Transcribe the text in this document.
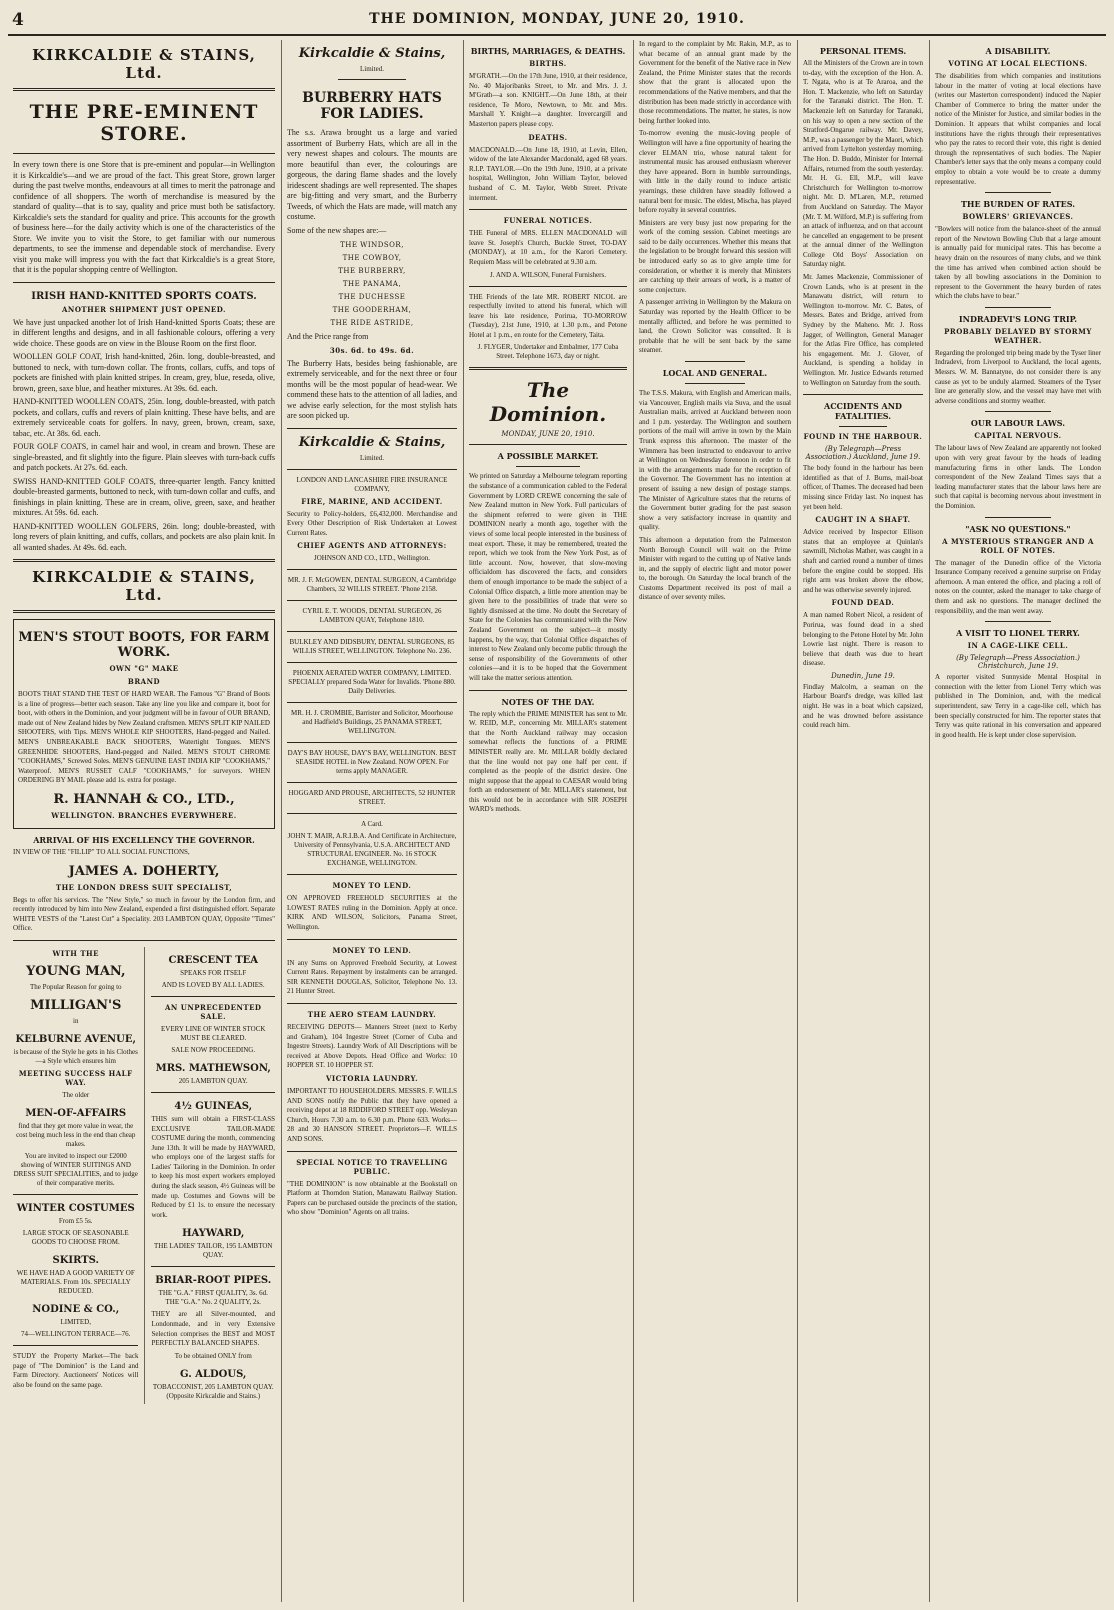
4	THE DOMINION, MONDAY, JUNE 20, 1910.
KIRKCALDIE & STAINS, Ltd.
THE PRE-EMINENT STORE.

In every town there is one Store that is pre-eminent and popular—in Wellington it is Kirkcaldie's—and we are proud of the fact. This great Store, grown larger during the past twelve months, endeavours at all times to merit the patronage and confidence of all shoppers. The worth of merchandise is measured by the standard of quality—that is to say, quality and price must both be satisfactory. Kirkcaldie's sets the standard for quality and price. This accounts for the growth of business here—for the daily activity which is one of the characteristics of the Store. We invite you to visit the Store, to get familiar with our numerous departments, to see the immense and dependable stock of merchandise. Every visit you make will impress you with the fact that Kirkcaldie's is a great Store, that it is the popular shopping centre of Wellington.

IRISH HAND-KNITTED SPORTS COATS.
ANOTHER SHIPMENT JUST OPENED.

We have just unpacked another lot of Irish Hand-knitted Sports Coats; these are in different lengths and designs, and in all fashionable colours, offering a very wide choice. These goods are on view in the Blouse Room on the first floor.

WOOLLEN GOLF COAT, Irish hand-knitted, 26in. long, double-breasted, and buttoned to neck, with turn-down collar. The fronts, collars, cuffs, and tops of pockets are finished with plain knitted stripes. In cream, grey, blue, reseda, olive, brown, green, saxe blue, and heather mixtures. At 39s. 6d. each.

HAND-KNITTED WOOLLEN COATS, 25in. long, double-breasted, with patch pockets, and collars, cuffs and revers of plain knitting. These have belts, and are extremely serviceable coats for golfers. In navy, green, brown, cream, saxe, tabac, etc. At 38s. 6d. each.

FOUR GOLF COATS, in camel hair and wool, in cream and brown. These are single-breasted, and fit slightly into the figure. Plain sleeves with turn-back cuffs and patch pockets. At 27s. 6d. each.

SWISS HAND-KNITTED GOLF COATS, three-quarter length. Fancy knitted double-breasted garments, buttoned to neck, with turn-down collar and cuffs, and finishings in plain knitting. These are in cream, olive, green, saxe, and heather mixtures. At 59s. 6d. each.

HAND-KNITTED WOOLLEN GOLFERS, 26in. long; double-breasted, with long revers of plain knitting, and cuffs, collars, and pockets are also plain knit. In all wanted shades. At 49s. 6d. each.

KIRKCALDIE & STAINS, Ltd.
MEN'S STOUT BOOTS, FOR FARM WORK.
OWN "G" MAKE
BRAND

BOOTS THAT STAND THE TEST OF HARD WEAR. The Famous "G" Brand of Boots is a line of progress—better each season. Take any line you like and compare it, boot for boot, with others in the Dominion, and your judgment will be in favour of OUR BRAND, made out of New Zealand hides by New Zealand craftsmen. MEN'S SPLIT KIP NAILED SHOOTERS, with Tips. MEN'S WHOLE KIP SHOOTERS, Hand-pegged and Nailed. MEN'S UNBREAKABLE BACK SHOOTERS, Watertight Tongues. MEN'S GREENHIDE SHOOTERS, Hand-pegged and Nailed. MEN'S STOUT CHROME "COOKHAMS," Screwed Soles. MEN'S GENUINE EAST INDIA KIP "COOKHAMS," Waterproof. MEN'S RUSSET CALF "COOKHAMS," for surveyors. WHEN ORDERING BY MAIL please add 1s. extra for postage.

R. HANNAH & CO., LTD.,
WELLINGTON. BRANCHES EVERYWHERE.
ARRIVAL OF HIS EXCELLENCY THE GOVERNOR.

IN VIEW OF THE "FILLIP" TO ALL SOCIAL FUNCTIONS,

JAMES A. DOHERTY,
THE LONDON DRESS SUIT SPECIALIST,

Begs to offer his services. The "New Style," so much in favour by the London firm, and recently introduced by him into New Zealand, expended a first distinguished effort. Separate WHITE VESTS of the "Latest Cut" a Speciality. 203 LAMBTON QUAY, Opposite "Times" Office.

WITH THE
YOUNG MAN,
The Popular Reason for going to
MILLIGAN'S
in
KELBURNE AVENUE,
is because of the Style he gets in his Clothes—a Style which ensures him
MEETING SUCCESS HALF WAY.
The older
MEN-OF-AFFAIRS
find that they get more value in wear, the cost being much less in the end than cheap makes.
You are invited to inspect our £2000 showing of WINTER SUITINGS AND DRESS SUIT SPECIALITIES, and to judge of their comparative merits.
WINTER COSTUMES
From £5 5s.
LARGE STOCK OF SEASONABLE GOODS TO CHOOSE FROM.
SKIRTS.
WE HAVE HAD A GOOD VARIETY OF MATERIALS. From 10s. SPECIALLY REDUCED.
NODINE & CO.,
LIMITED,
74—WELLINGTON TERRACE—76.

STUDY the Property Market—The back page of "The Dominion" is the Land and Farm Directory. Auctioneers' Notices will also be found on the same page.

CRESCENT TEA
SPEAKS FOR ITSELF
AND IS LOVED BY ALL LADIES.
AN UNPRECEDENTED SALE.
EVERY LINE OF WINTER STOCK MUST BE CLEARED.
SALE NOW PROCEEDING.
MRS. MATHEWSON,
205 LAMBTON QUAY.
4½ GUINEAS,

THIS sum will obtain a FIRST-CLASS EXCLUSIVE TAILOR-MADE COSTUME during the month, commencing June 13th. It will be made by HAYWARD, who employs one of the largest staffs for Ladies' Tailoring in the Dominion. In order to keep his most expert workers employed during the slack season, 4½ Guineas will be made up. Costumes and Gowns will be Reduced by £1 1s. to ensure the necessary work.

HAYWARD,
THE LADIES' TAILOR, 195 LAMBTON QUAY.
BRIAR-ROOT PIPES.
THE "G.A." FIRST QUALITY, 3s. 6d. THE "G.A." No. 2 QUALITY, 2s.

THEY are all Silver-mounted, and Londonmade, and in very Extensive Selection comprises the BEST and MOST PERFECTLY BALANCED SHAPES.

To be obtained ONLY from
G. ALDOUS,
TOBACCONIST, 205 LAMBTON QUAY. (Opposite Kirkcaldie and Stains.)
Kirkcaldie & Stains,
Limited.
BURBERRY HATS FOR LADIES.

The s.s. Arawa brought us a large and varied assortment of Burberry Hats, which are all in the very newest shapes and colours. The mounts are more beautiful than ever, the colourings are gorgeous, the daring flame shades and the lovely iridescent shadings are well represented. The shapes are big-fitting and very smart, and the Burberry Tweeds, of which the Hats are made, will match any costume.

Some of the new shapes are:—

THE WINDSOR,
THE COWBOY,
THE BURBERRY,
THE PANAMA,
THE DUCHESSE
THE GOODERHAM,
THE RIDE ASTRIDE,

And the Price range from

30s. 6d. to 49s. 6d.

The Burberry Hats, besides being fashionable, are extremely serviceable, and for the next three or four months will be the most popular of head-wear. We commend these hats to the attention of all ladies, and we advise early selection, for the most stylish hats are soon picked up.

Kirkcaldie & Stains,
Limited.
LONDON AND LANCASHIRE FIRE INSURANCE COMPANY,
FIRE, MARINE, AND ACCIDENT.

Security to Policy-holders, £6,432,000. Merchandise and Every Other Description of Risk Undertaken at Lowest Current Rates.

CHIEF AGENTS AND ATTORNEYS:
JOHNSON AND CO., LTD., Wellington.
MR. J. F. McGOWEN, DENTAL SURGEON, 4 Cambridge Chambers, 32 WILLIS STREET. 'Phone 2158.
CYRIL E. T. WOODS, DENTAL SURGEON, 26 LAMBTON QUAY, Telephone 1810.
BULKLEY AND DIDSBURY, DENTAL SURGEONS, 85 WILLIS STREET, WELLINGTON. Telephone No. 236.
PHOENIX AERATED WATER COMPANY, LIMITED. SPECIALLY prepared Soda Water for Invalids. 'Phone 880. Daily Deliveries.
MR. H. J. CROMBIE, Barrister and Solicitor, Moorhouse and Hadfield's Buildings, 25 PANAMA STREET, WELLINGTON.
DAY'S BAY HOUSE, DAY'S BAY, WELLINGTON. BEST SEASIDE HOTEL in New Zealand. NOW OPEN. For terms apply MANAGER.
HOGGARD AND PROUSE, ARCHITECTS, 52 HUNTER STREET.
A Card.
JOHN T. MAIR, A.R.I.B.A. And Certificate in Architecture, University of Pennsylvania, U.S.A. ARCHITECT AND STRUCTURAL ENGINEER. No. 16 STOCK EXCHANGE, WELLINGTON.
MONEY TO LEND.

ON APPROVED FREEHOLD SECURITIES at the LOWEST RATES ruling in the Dominion. Apply at once. KIRK AND WILSON, Solicitors, Panama Street, Wellington.

MONEY TO LEND.

IN any Sums on Approved Freehold Security, at Lowest Current Rates. Repayment by instalments can be arranged. SIR KENNETH DOUGLAS, Solicitor, Telephone No. 13. 21 Hunter Street.

THE AERO STEAM LAUNDRY.

RECEIVING DEPOTS— Manners Street (next to Kerby and Graham), 104 Ingestre Street (Corner of Cuba and Ingestre Streets). Laundry Work of All Descriptions will be received at Above Depots. Head Office and Works: 10 HOPPER ST. 10 HOPPER ST.

VICTORIA LAUNDRY.

IMPORTANT TO HOUSEHOLDERS. MESSRS. F. WILLS AND SONS notify the Public that they have opened a receiving depot at 18 RIDDIFORD STREET opp. Wesleyan Church, Hours 7.30 a.m. to 6.30 p.m. Phone 633. Works—28 and 30 HANSON STREET. Proprietors—F. WILLS AND SONS.

SPECIAL NOTICE TO TRAVELLING PUBLIC.

"THE DOMINION" is now obtainable at the Bookstall on Platform at Thorndon Station, Manawatu Railway Station. Papers can be purchased outside the precincts of the station, who show "Dominion" Agents on all trains.

BIRTHS, MARRIAGES, & DEATHS.
BIRTHS.

M'GRATH.—On the 17th June, 1910, at their residence, No. 40 Majoribanks Street, to Mr. and Mrs. J. J. M'Grath—a son. KNIGHT.—On June 18th, at their residence, Te Moro, Newtown, to Mr. and Mrs. Marshall Y. Knight—a daughter. Invercargill and Masterton papers please copy.

DEATHS.

MACDONALD.—On June 18, 1910, at Levin, Ellen, widow of the late Alexander Macdonald, aged 68 years. R.I.P. TAYLOR.—On the 19th June, 1910, at a private hospital, Wellington, John William Taylor, beloved husband of C. M. Taylor, Webb Street. Private interment.

FUNERAL NOTICES.

THE Funeral of MRS. ELLEN MACDONALD will leave St. Joseph's Church, Buckle Street, TO-DAY (MONDAY), at 10 a.m., for the Karori Cemetery. Requiem Mass will be celebrated at 9.30 a.m.

J. AND A. WILSON, Funeral Furnishers.

THE Friends of the late MR. ROBERT NICOL are respectfully invited to attend his funeral, which will leave his late residence, Porirua, TO-MORROW (Tuesday), 21st June, 1910, at 1.30 p.m., and Petone Hotel at 1 p.m., en route for the Cemetery, Taita.

J. FLYGER, Undertaker and Embalmer, 177 Cuba Street. Telephone 1673, day or night.
The Dominion.
MONDAY, JUNE 20, 1910.
A POSSIBLE MARKET.

We printed on Saturday a Melbourne telegram reporting the substance of a communication cabled to the Federal Government by LORD CREWE concerning the sale of New Zealand mutton in New York. Full particulars of the shipment referred to were given in THE DOMINION nearly a month ago, together with the views of some local people interested in the business of meat export. These, it may be remembered, treated the report, which we took from the New York Post, as of little account. Now, however, that slow-moving officialdom has discovered the facts, and considers them of enough importance to be made the subject of a Colonial Office dispatch, a little more attention may be given here to the possibilities of trade that were so lightly dismissed at the time. No doubt the Secretary of State for the Colonies has communicated with the New Zealand Government on the subject—it mostly happens, by the way, that Colonial Office dispatches of interest to New Zealand only become public through the sense of responsibility of the Governments of other colonies—and it is to be hoped that the Government will take the matter serious attention.

NOTES OF THE DAY.

The reply which the PRIME MINISTER has sent to Mr. W. REID, M.P., concerning Mr. MILLAR's statement that the North Auckland railway may occasion somewhat reflects the functions of a PRIME MINISTER really are. Mr. MILLAR boldly declared that the line would not pay one half per cent. if completed as the people of the district desire. One might suppose that the appeal to CAESAR would bring forth an endorsement of Mr. MILLAR's statement, but this would not be in accordance with SIR JOSEPH WARD's methods.

In regard to the complaint by Mr. Rakin, M.P., as to what became of an annual grant made by the Government for the benefit of the Native race in New Zealand, the Prime Minister states that the records show that the grant is allocated upon the recommendations of the Native members, and that the distribution has been made strictly in accordance with those recommendations. The matter, he states, is now being further looked into.

To-morrow evening the music-loving people of Wellington will have a fine opportunity of hearing the clever ELMAN trio, whose natural talent for instrumental music has aroused enthusiasm wherever they have appeared. Born in humble surroundings, with little in the daily round to induce artistic yearnings, these children have steadily followed a natural bent for music. The eldest, Mischa, has played before royalty in several countries.

Ministers are very busy just now preparing for the work of the coming session. Cabinet meetings are said to be daily occurrences. Whether this means that the legislation to be brought forward this session will be introduced early so as to give ample time for consideration, or whether it is merely that Ministers are catching up their arrears of work, is a matter of some conjecture.

A passenger arriving in Wellington by the Makura on Saturday was reported by the Health Officer to be mentally afflicted, and before he was permitted to land, the Crown Solicitor was consulted. It is probable that he will be sent back by the same steamer.

LOCAL AND GENERAL.

The T.S.S. Makura, with English and American mails, via Vancouver, English mails via Suva, and the usual Australian mails, arrived at Auckland between noon and 1 p.m. yesterday. The Wellington and southern portions of the mail will arrive in town by the Main Trunk express this afternoon. The master of the Wimmera has been instructed to endeavour to arrive at Wellington on Wednesday forenoon in order to fit in with the arrangements made for the reception of the Governor. The Government has no intention at present of issuing a new design of postage stamps. The Minister of Agriculture states that the returns of the Government butter grading for the past season show a very satisfactory increase in quantity and quality.

This afternoon a deputation from the Palmerston North Borough Council will wait on the Prime Minister with regard to the cutting up of Native lands in, and the supply of electric light and motor power to, the borough. On Saturday the local branch of the Customs Department received its post of mail a distance of over seventy miles.

PERSONAL ITEMS.

All the Ministers of the Crown are in town to-day, with the exception of the Hon. A. T. Ngata, who is at Te Araroa, and the Hon. T. Mackenzie, who left on Saturday for the Taranaki district. The Hon. T. Mackenzie left on Saturday for Taranaki, on his way to open a new section of the Stratford-Ongarue railway. Mr. Davey, M.P., was a passenger by the Maori, which arrived from Lyttelton yesterday morning. The Hon. D. Buddo, Minister for Internal Affairs, returned from the south yesterday. Mr. H. G. Ell, M.P., will leave Christchurch for Wellington to-morrow night. Mr. D. M'Laren, M.P., returned from Auckland on Saturday. The Mayor (Mr. T. M. Wilford, M.P.) is suffering from an attack of influenza, and on that account he cancelled an engagement to be present at the annual dinner of the Wellington College Old Boys' Association on Saturday night.

Mr. James Mackenzie, Commissioner of Crown Lands, who is at present in the Manawatu district, will return to Wellington to-morrow. Mr. C. Bates, of Messrs. Bates and Bridge, arrived from Sydney by the Maheno. Mr. J. Ross Jagger, of Wellington, General Manager for the Atlas Fire Office, has completed his engagement. Mr. J. Glover, of Auckland, is spending a holiday in Wellington. Mr. Justice Edwards returned to Wellington on Saturday from the south.

ACCIDENTS AND FATALITIES.
FOUND IN THE HARBOUR.
(By Telegraph—Press Association.) Auckland, June 19.

The body found in the harbour has been identified as that of J. Burns, mail-boat officer, of Thames. The deceased had been missing since Friday last. No inquest has yet been held.

CAUGHT IN A SHAFT.

Advice received by Inspector Ellison states that an employee at Quinlan's sawmill, Nicholas Mather, was caught in a shaft and carried round a number of times before the engine could be stopped. His right arm was broken above the elbow, and he was otherwise severely injured.

FOUND DEAD.

A man named Robert Nicol, a resident of Porirua, was found dead in a shed belonging to the Petone Hotel by Mr. John Lowrie last night. There is reason to believe that death was due to heart disease.

Dunedin, June 19.

Findlay Malcolm, a seaman on the Harbour Board's dredge, was killed last night. He was in a boat which capsized, and he was drowned before assistance could reach him.

A DISABILITY.
VOTING AT LOCAL ELECTIONS.

The disabilities from which companies and institutions labour in the matter of voting at local elections have (writes our Masterton correspondent) induced the Napier Chamber of Commerce to bring the matter under the notice of the Minister for Justice, and similar bodies in the Dominion. It appears that whilst companies and local institutions have the rights through their representatives who pay the rates to record their vote, this right is denied through the representatives of such bodies. The Napier Chamber's letter says that the only means a company could employ to obtain a vote would be to create a dummy representative.

THE BURDEN OF RATES.
BOWLERS' GRIEVANCES.

"Bowlers will notice from the balance-sheet of the annual report of the Newtown Bowling Club that a large amount is annually paid for municipal rates. This has become a heavy drain on the resources of many clubs, and we think the time has arrived when combined action should be taken by all bowling associations in the Dominion to represent to the Government the heavy burden of rates which the clubs have to bear."

INDRADEVI'S LONG TRIP.
PROBABLY DELAYED BY STORMY WEATHER.

Regarding the prolonged trip being made by the Tyser liner Indradevi, from Liverpool to Auckland, the local agents, Messrs. W. M. Bannatyne, do not consider there is any cause as yet to be unduly alarmed. Steamers of the Tyser line are generally slow, and the vessel may have met with adverse conditions and stormy weather.

OUR LABOUR LAWS.
CAPITAL NERVOUS.

The labour laws of New Zealand are apparently not looked upon with very great favour by the heads of leading manufacturing firms in other lands. The London correspondent of the New Zealand Times says that a leading manufacturer states that the labour laws here are such that capital is becoming nervous about investment in the Dominion.

"ASK NO QUESTIONS."
A MYSTERIOUS STRANGER AND A ROLL OF NOTES.

The manager of the Dunedin office of the Victoria Insurance Company received a genuine surprise on Friday afternoon. A man entered the office, and placing a roll of notes on the counter, asked the manager to take charge of them and ask no questions. The manager declined the responsibility, and the man went away.

A VISIT TO LIONEL TERRY.
IN A CAGE-LIKE CELL.
(By Telegraph—Press Association.) Christchurch, June 19.

A reporter visited Sunnyside Mental Hospital in connection with the letter from Lionel Terry which was published in The Dominion, and, with the medical superintendent, saw Terry in a cage-like cell, which has been specially constructed for him. The reporter states that Terry was quite rational in his conversation and appeared in good health. He is kept under close supervision.
